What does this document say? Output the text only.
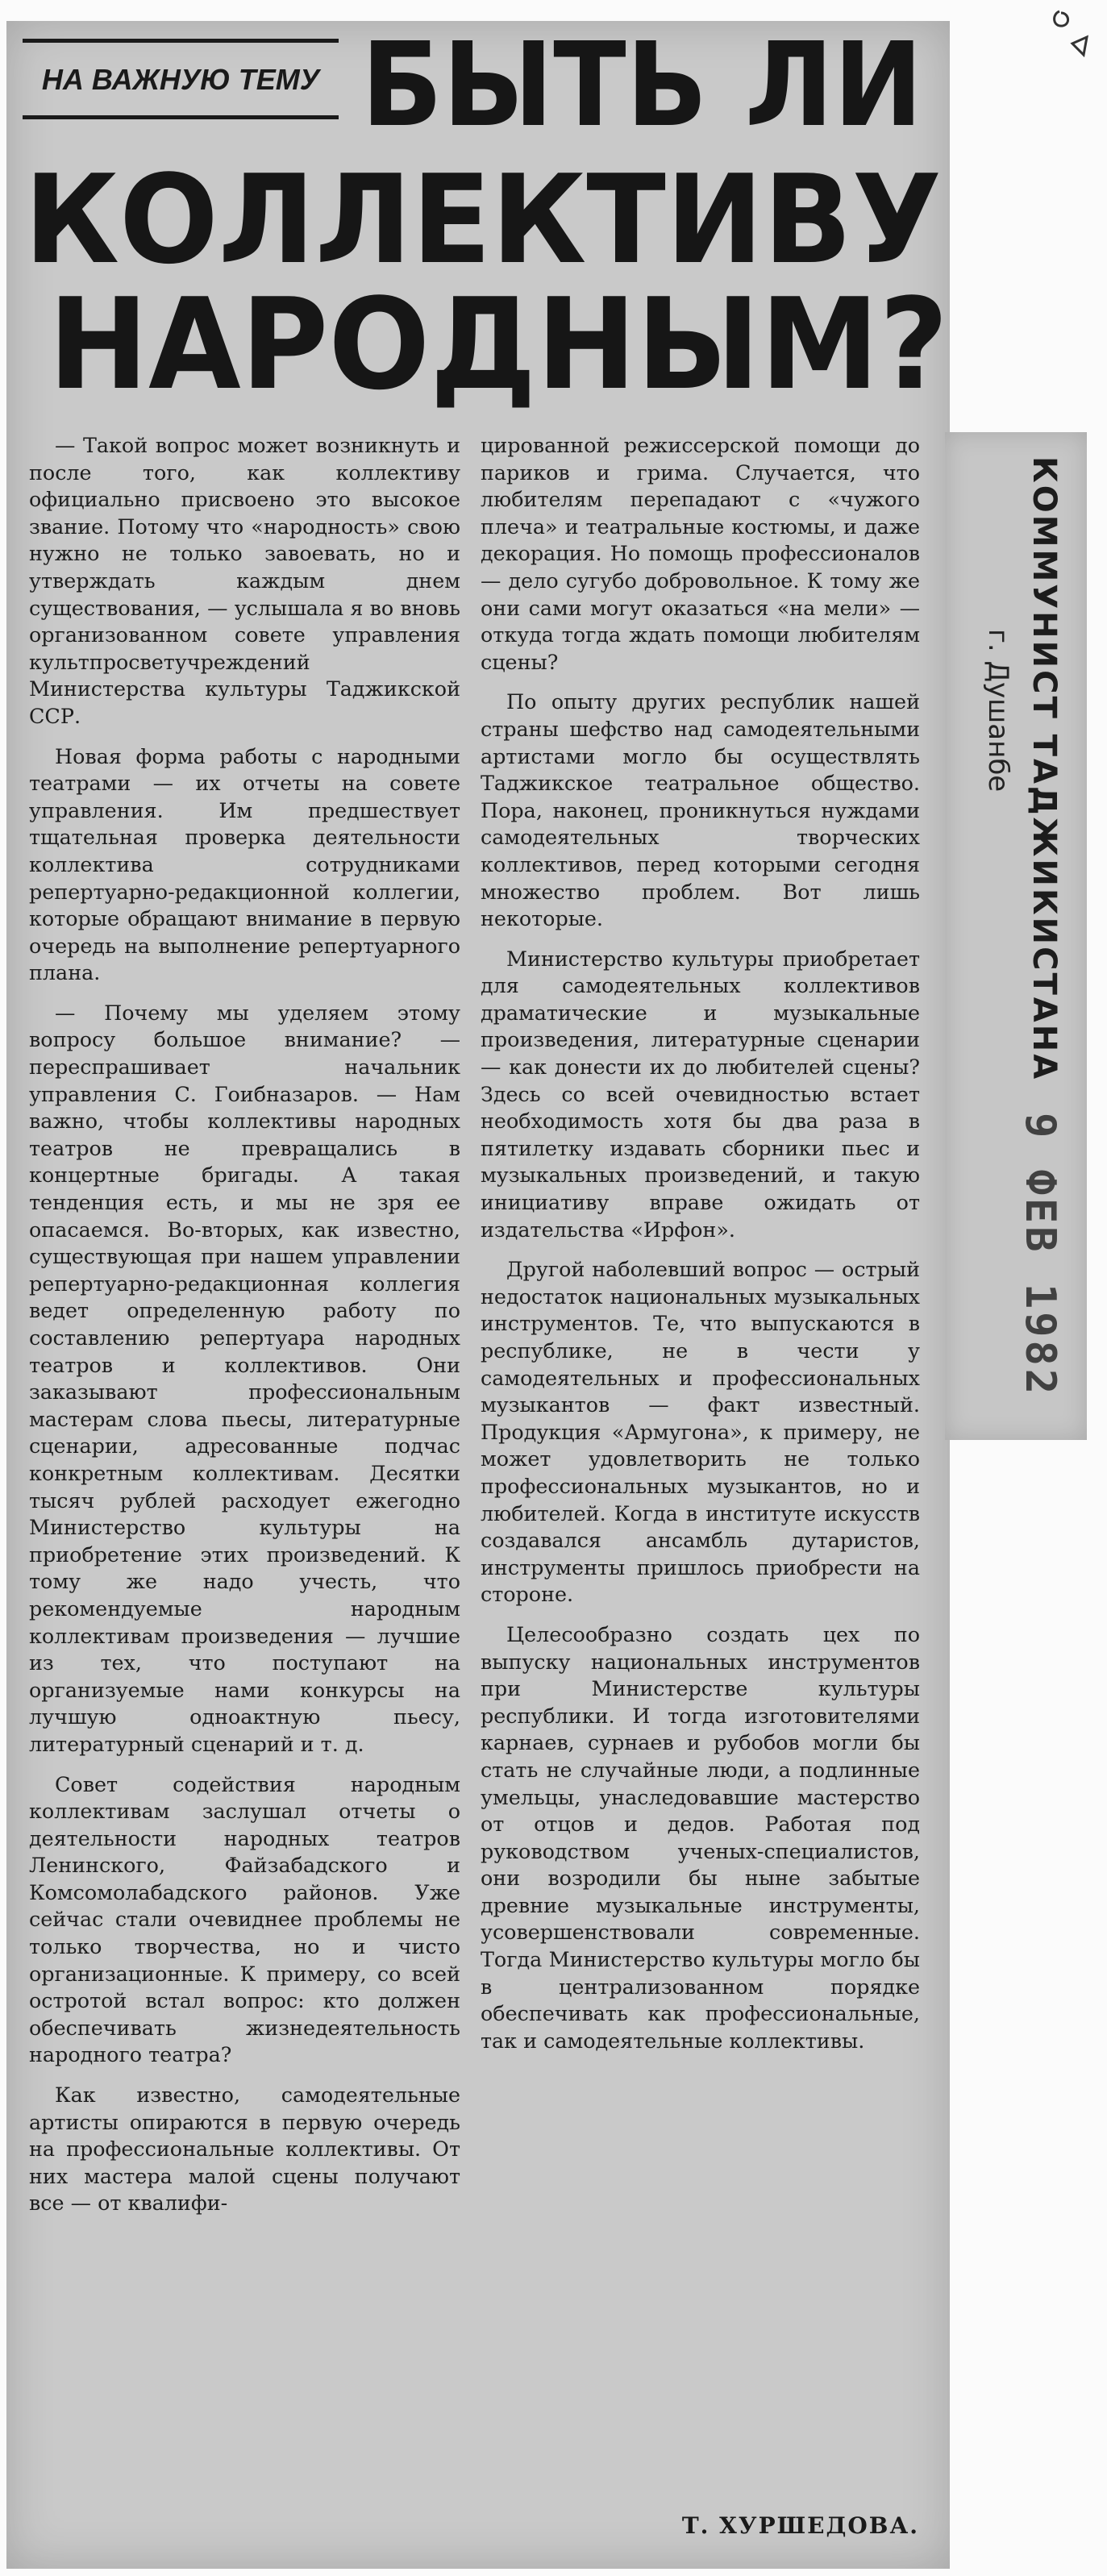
НА ВАЖНУЮ ТЕМУ БЫТЬ ЛИ
КОЛЛЕКТИВУ
НАРОДНЫМ?

— Такой вопрос может возникнуть и после того, как коллективу официально присвоено это высокое звание. Потому что «народность» свою нужно не только завоевать, но и утверждать каждым днем существования, — услышала я во вновь организованном совете управления культпросветучреждений Министерства культуры Таджикской ССР.

Новая форма работы с народными театрами — их отчеты на совете управления. Им предшествует тщательная проверка деятельности коллектива сотрудниками репертуарно-редакционной коллегии, которые обращают внимание в первую очередь на выполнение репертуарного плана.

— Почему мы уделяем этому вопросу большое внимание? — переспрашивает начальник управления С. Гоибназаров. — Нам важно, чтобы коллективы народных театров не превращались в концертные бригады. А такая тенденция есть, и мы не зря ее опасаемся. Во-вторых, как известно, существующая при нашем управлении репертуарно-редакционная коллегия ведет определенную работу по составлению репертуара народных театров и коллективов. Они заказывают профессиональным мастерам слова пьесы, литературные сценарии, адресованные подчас конкретным коллективам. Десятки тысяч рублей расходует ежегодно Министерство культуры на приобретение этих произведений. К тому же надо учесть, что рекомендуемые народным коллективам произведения — лучшие из тех, что поступают на организуемые нами конкурсы на лучшую одноактную пьесу, литературный сценарий и т. д.

Совет содействия народным коллективам заслушал отчеты о деятельности народных театров Ленинского, Файзабадского и Комсомолабадского районов. Уже сейчас стали очевиднее проблемы не только творчества, но и чисто организационные. К примеру, со всей остротой встал вопрос: кто должен обеспечивать жизнедеятельность народного театра?

Как известно, самодеятельные артисты опираются в первую очередь на профессиональные коллективы. От них мастера малой сцены получают все — от квалифи-

цированной режиссерской помощи до париков и грима. Случается, что любителям перепадают с «чужого плеча» и театральные костюмы, и даже декорация. Но помощь профессионалов — дело сугубо добровольное. К тому же они сами могут оказаться «на мели» — откуда тогда ждать помощи любителям сцены?

По опыту других республик нашей страны шефство над самодеятельными артистами могло бы осуществлять Таджикское театральное общество. Пора, наконец, проникнуться нуждами самодеятельных творческих коллективов, перед которыми сегодня множество проблем. Вот лишь некоторые.

Министерство культуры приобретает для самодеятельных коллективов драматические и музыкальные произведения, литературные сценарии — как донести их до любителей сцены? Здесь со всей очевидностью встает необходимость хотя бы два раза в пятилетку издавать сборники пьес и музыкальных произведений, и такую инициативу вправе ожидать от издательства «Ирфон».

Другой наболевший вопрос — острый недостаток национальных музыкальных инструментов. Те, что выпускаются в республике, не в чести у самодеятельных и профессиональных музыкантов — факт известный. Продукция «Армугона», к примеру, не может удовлетворить не только профессиональных музыкантов, но и любителей. Когда в институте искусств создавался ансамбль дутаристов, инструменты пришлось приобрести на стороне.

Целесообразно создать цех по выпуску национальных инструментов при Министерстве культуры республики. И тогда изготовителями карнаев, сурнаев и рубобов могли бы стать не случайные люди, а подлинные умельцы, унаследовавшие мастерство от отцов и дедов. Работая под руководством ученых-специалистов, они возродили бы ныне забытые древние музыкальные инструменты, усовершенствовали современные. Тогда Министерство культуры могло бы в централизованном порядке обеспечивать как профессиональные, так и самодеятельные коллективы.

Т. ХУРШЕДОВА.
КОММУНИСТ ТАДЖИКИСТАНА
г. Душанбе
9 ФЕВ 1982
